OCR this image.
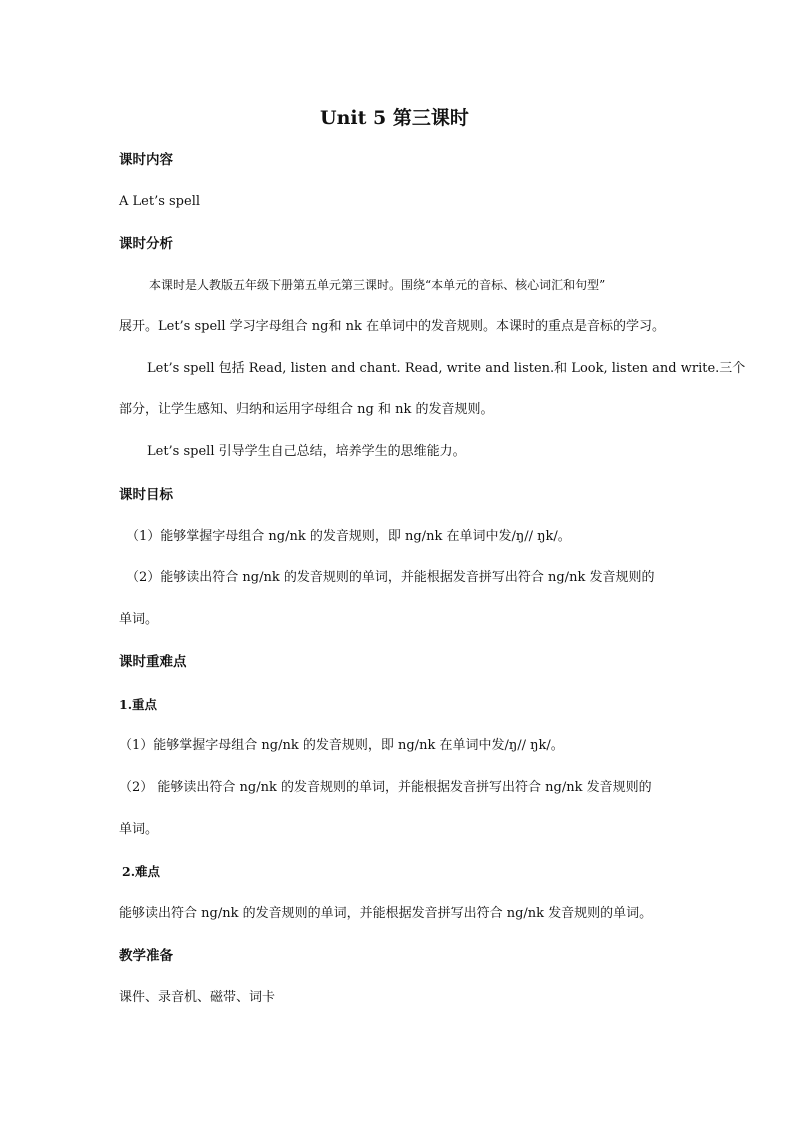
Unit 5 第三课时
课时内容
A Let’s spell
课时分析
本课时是人教版五年级下册第五单元第三课时。围绕“本单元的音标、核心词汇和句型”
展开。Let’s spell 学习字母组合 ng和 nk 在单词中的发音规则。本课时的重点是音标的学习。
Let’s spell 包括 Read, listen and chant. Read, write and listen.和 Look, listen and write.三个
部分，让学生感知、归纳和运用字母组合 ng 和 nk 的发音规则。
Let’s spell 引导学生自己总结，培养学生的思维能力。
课时目标
（1）能够掌握字母组合 ng/nk 的发音规则，即 ng/nk 在单词中发/ŋ// ŋk/。
（2）能够读出符合 ng/nk 的发音规则的单词，并能根据发音拼写出符合 ng/nk 发音规则的
单词。
课时重难点
1.重点
（1）能够掌握字母组合 ng/nk 的发音规则，即 ng/nk 在单词中发/ŋ// ŋk/。
（2） 能够读出符合 ng/nk 的发音规则的单词，并能根据发音拼写出符合 ng/nk 发音规则的
单词。
2.难点
能够读出符合 ng/nk 的发音规则的单词，并能根据发音拼写出符合 ng/nk 发音规则的单词。
教学准备
课件、录音机、磁带、词卡
